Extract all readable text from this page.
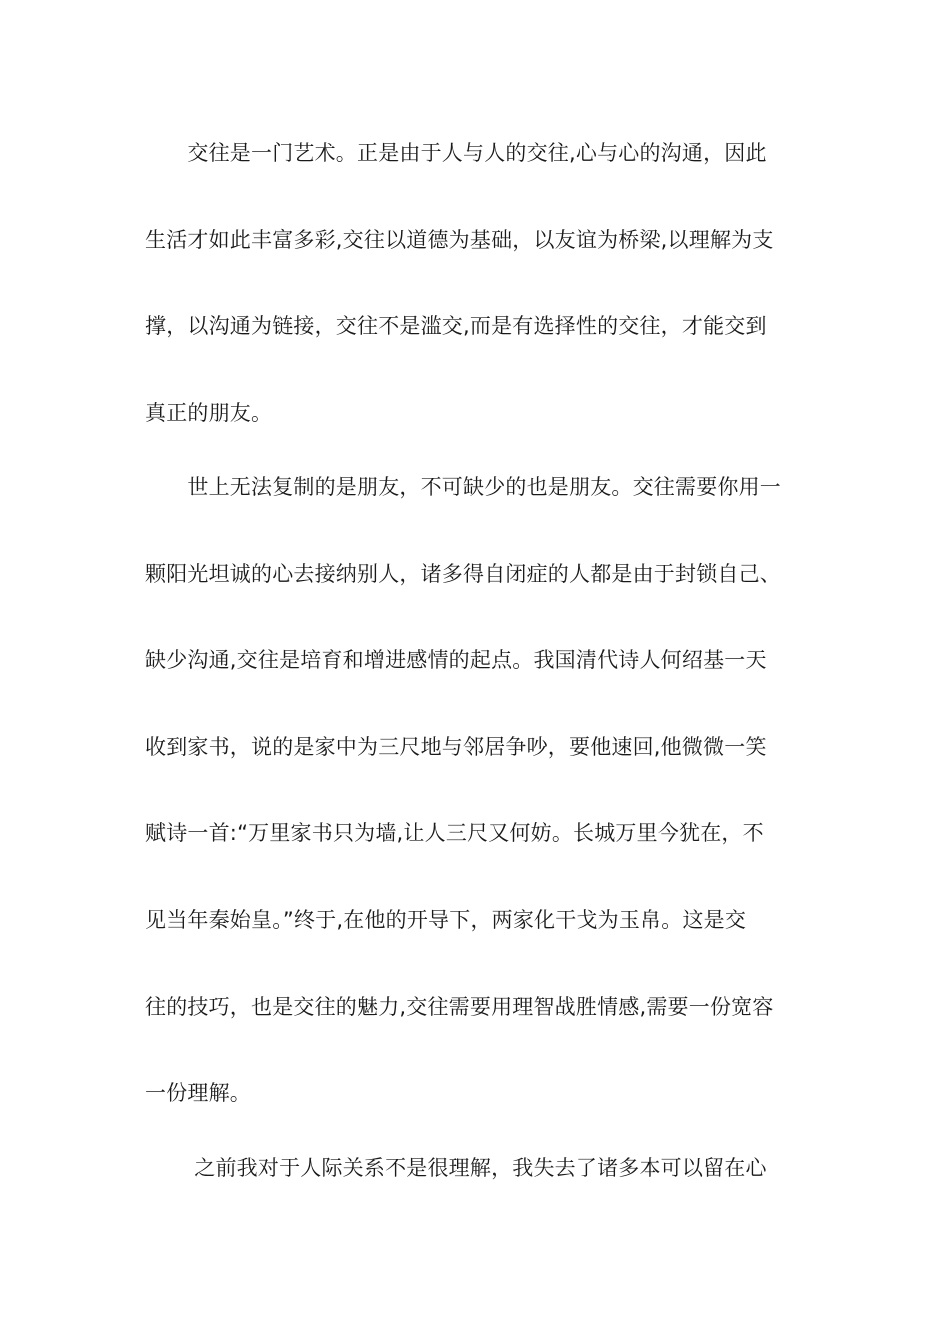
　　交往是一门艺术。正是由于人与人的交往,心与心的沟通，因此
生活才如此丰富多彩,交往以道德为基础，以友谊为桥梁,以理解为支
撑，以沟通为链接，交往不是滥交,而是有选择性的交往，才能交到
真正的朋友。
　　世上无法复制的是朋友，不可缺少的也是朋友。交往需要你用一
颗阳光坦诚的心去接纳别人，诸多得自闭症的人都是由于封锁自己、
缺少沟通,交往是培育和增进感情的起点。我国清代诗人何绍基一天
收到家书，说的是家中为三尺地与邻居争吵，要他速回,他微微一笑
赋诗一首:“万里家书只为墙,让人三尺又何妨。长城万里今犹在，不
见当年秦始皇。”终于,在他的开导下，两家化干戈为玉帛。这是交
往的技巧，也是交往的魅力,交往需要用理智战胜情感,需要一份宽容
一份理解。
　　 之前我对于人际关系不是很理解，我失去了诸多本可以留在心
